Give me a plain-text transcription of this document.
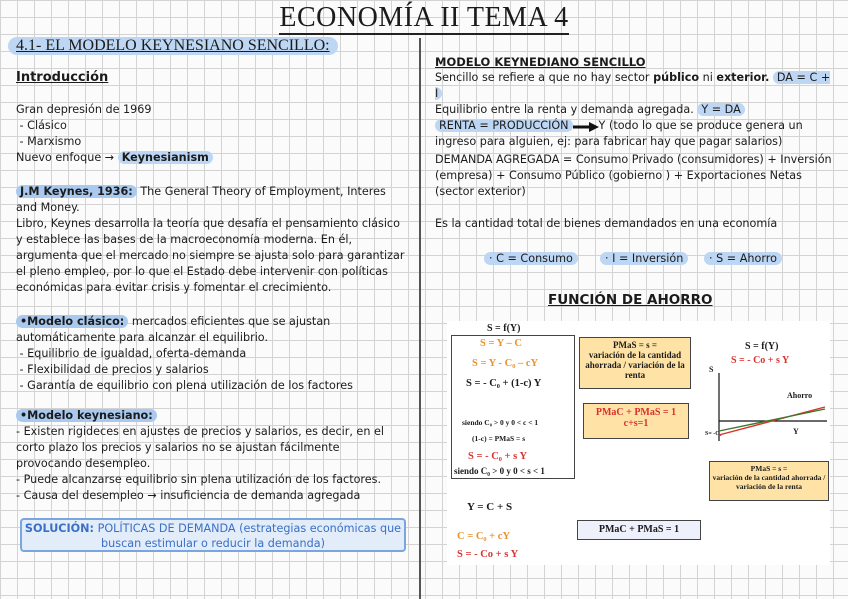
ECONOMÍA II TEMA 4
4.1- EL MODELO KEYNESIANO SENCILLO:
Introducción
Gran depresión de 1969
- Clásico
- Marxismo
Nuevo enfoque → Keynesianism
J.M Keynes, 1936: The General Theory of Employment, Interes and Money.
Libro, Keynes desarrolla la teoría que desafía el pensamiento clásico y establece las bases de la macroeconomía moderna. En él, argumenta que el mercado no siempre se ajusta solo para garantizar el pleno empleo, por lo que el Estado debe intervenir con políticas económicas para evitar crisis y fomentar el crecimiento.
•Modelo clásico: mercados eficientes que se ajustan automáticamente para alcanzar el equilibrio.
- Equilibrio de igualdad, oferta-demanda
- Flexibilidad de precios y salarios
- Garantía de equilibrio con plena utilización de los factores
•Modelo keynesiano:
- Existen rigideces en ajustes de precios y salarios, es decir, en el corto plazo los precios y salarios no se ajustan fácilmente provocando desempleo.
- Puede alcanzarse equilibrio sin plena utilización de los factores.
- Causa del desempleo → insuficiencia de demanda agregada
SOLUCIÓN: POLÍTICAS DE DEMANDA (estrategias económicas que buscan estimular o reducir la demanda)
MODELO KEYNEDIANO SENCILLO
Sencillo se refiere a que no hay sector público ni exterior. DA = C + I
Equilibrio entre la renta y demanda agregada. Y = DA
RENTA = PRODUCCIÓN	Y (todo lo que se produce genera un ingreso para alguien, ej: para fabricar hay que pagar salarios)
DEMANDA AGREGADA = Consumo Privado (consumidores) + Inversión (empresa) + Consumo Público (gobierno ) + Exportaciones Netas (sector exterior)
Es la cantidad total de bienes demandados en una economía
· C = Consumo	· I = Inversión	· S = Ahorro
FUNCIÓN DE AHORRO
S = f(Y)
S = Y – C
S = Y - C₀ – cY
S = - C₀ + (1-c) Y
siendo C₀ > 0 y 0 < c < 1
(1-c) = PMaS = s
S = - C₀ + s Y
siendo C₀ > 0 y 0 < s < 1
PMaS = s =
variación de la cantidad ahorrada / variación de la renta
PMaC + PMaS = 1
c+s=1
S = f(Y)
S = - Co + s Y
S
Ahorro
Y
S= -C₀
PMaS = s =
variación de la cantidad ahorrada / variación de la renta
Y = C + S
PMaC + PMaS = 1
C = C₀ + cY
S = - Co + s Y
